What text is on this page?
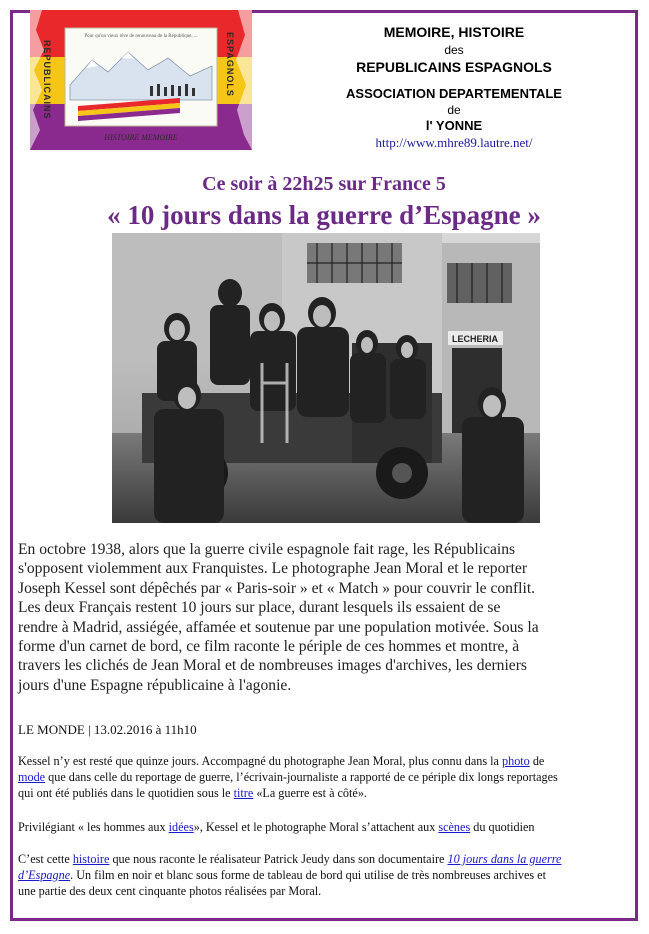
Pour qu'un vieux rêve de renouveau de la République, ...
REPUBLICAINS	ESPAGNOLS
HISTOIRE MEMOIRE
MEMOIRE, HISTOIRE
des
REPUBLICAINS ESPAGNOLS
ASSOCIATION DEPARTEMENTALE
de
l' YONNE
http://www.mhre89.lautre.net/
Ce soir à 22h25 sur France 5
« 10 jours dans la guerre d’Espagne »
LECHERIA
En octobre 1938, alors que la guerre civile espagnole fait rage, les Républicains
s'opposent violemment aux Franquistes. Le photographe Jean Moral et le reporter
Joseph Kessel sont dépêchés par « Paris-soir » et « Match » pour couvrir le conflit.
Les deux Français restent 10 jours sur place, durant lesquels ils essaient de se
rendre à Madrid, assiégée, affamée et soutenue par une population motivée. Sous la
forme d'un carnet de bord, ce film raconte le périple de ces hommes et montre, à
travers les clichés de Jean Moral et de nombreuses images d'archives, les derniers
jours d'une Espagne républicaine à l'agonie.
LE MONDE | 13.02.2016 à 11h10
Kessel n’y est resté que quinze jours. Accompagné du photographe Jean Moral, plus connu dans la photo de
mode que dans celle du reportage de guerre, l’écrivain-journaliste a rapporté de ce périple dix longs reportages
qui ont été publiés dans le quotidien sous le titre «La guerre est à côté».
Privilégiant « les hommes aux idées», Kessel et le photographe Moral s’attachent aux scènes du quotidien
C’est cette histoire que nous raconte le réalisateur Patrick Jeudy dans son documentaire 10 jours dans la guerre
d’Espagne. Un film en noir et blanc sous forme de tableau de bord qui utilise de très nombreuses archives et
une partie des deux cent cinquante photos réalisées par Moral.
